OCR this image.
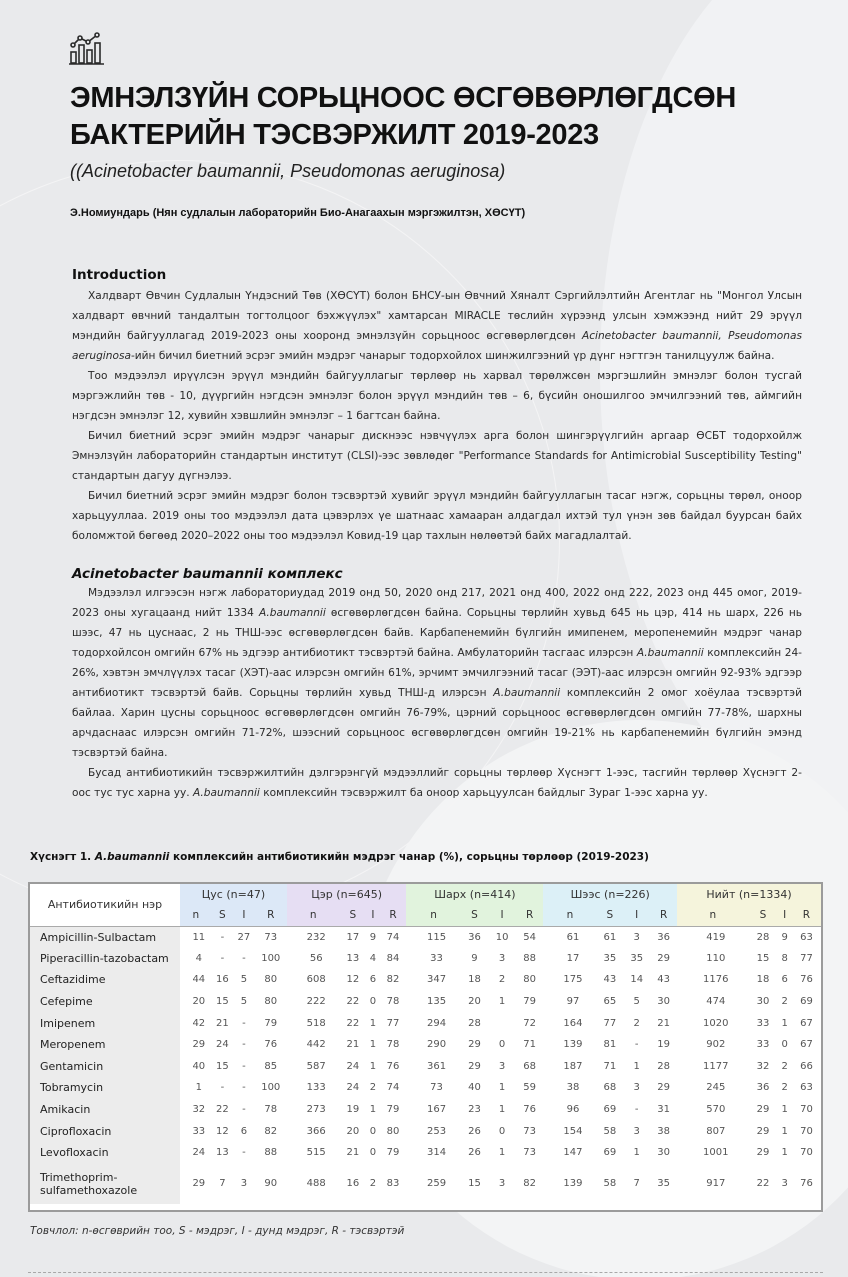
ЭМНЭЛЗҮЙН СОРЬЦНООС ӨСГӨВӨРЛӨГДСӨН
БАКТЕРИЙН ТЭСВЭРЖИЛТ 2019-2023
((Acinetobacter baumannii, Pseudomonas aeruginosa)
Э.Номиундарь (Нян судлалын лабораторийн Био-Анагаахын мэргэжилтэн, ХӨСҮТ)
Introduction

Халдварт Өвчин Судлалын Үндэсний Төв (ХӨСҮТ) болон БНСУ-ын Өвчний Хяналт Сэргийлэлтийн Агентлаг нь "Монгол Улсын халдварт өвчний тандалтын тогтолцоог бэхжүүлэх" хамтарсан MIRACLE төслийн хүрээнд улсын хэмжээнд нийт 29 эрүүл мэндийн байгууллагад 2019-2023 оны хооронд эмнэлзүйн сорьцноос өсгөвөрлөгдсөн Acinetobacter baumannii, Pseudomonas aeruginosa-ийн бичил биетний эсрэг эмийн мэдрэг чанарыг тодорхойлох шинжилгээний үр дүнг нэгтгэн танилцуулж байна.

Тоо мэдээлэл ирүүлсэн эрүүл мэндийн байгууллагыг төрлөөр нь харвал төрөлжсөн мэргэшлийн эмнэлэг болон тусгай мэргэжлийн төв - 10, дүүргийн нэгдсэн эмнэлэг болон эрүүл мэндийн төв – 6, бүсийн оношилгоо эмчилгээний төв, аймгийн нэгдсэн эмнэлэг 12, хувийн хэвшлийн эмнэлэг – 1 багтсан байна.

Бичил биетний эсрэг эмийн мэдрэг чанарыг дискнээс нэвчүүлэх арга болон шингэрүүлгийн аргаар ӨСБТ тодорхойлж Эмнэлзүйн лабораторийн стандартын институт (CLSI)-ээс зөвлөдөг "Performance Standards for Antimicrobial Susceptibility Testing" стандартын дагуу дүгнэлээ.

Бичил биетний эсрэг эмийн мэдрэг болон тэсвэртэй хувийг эрүүл мэндийн байгууллагын тасаг нэгж, сорьцны төрөл, оноор харьцууллаа. 2019 оны тоо мэдээлэл дата цэвэрлэх үе шатнаас хамааран алдагдал ихтэй тул үнэн зөв байдал буурсан байх боломжтой бөгөөд 2020–2022 оны тоо мэдээлэл Ковид-19 цар тахлын нөлөөтэй байх магадлалтай.

Acinetobacter baumannii комплекс

Мэдээлэл илгээсэн нэгж лабораториудад 2019 онд 50, 2020 онд 217, 2021 онд 400, 2022 онд 222, 2023 онд 445 омог, 2019-2023 оны хугацаанд нийт 1334 A.baumannii өсгөвөрлөгдсөн байна. Сорьцны төрлийн хувьд 645 нь цэр, 414 нь шарх, 226 нь шээс, 47 нь цуснаас, 2 нь ТНШ-ээс өсгөвөрлөгдсөн байв. Карбапенемийн бүлгийн имипенем, меропенемийн мэдрэг чанар тодорхойлсон омгийн 67% нь эдгээр антибиотикт тэсвэртэй байна. Амбулаторийн тасгаас илэрсэн A.baumannii комплексийн 24-26%, хэвтэн эмчлүүлэх тасаг (ХЭТ)-аас илэрсэн омгийн 61%, эрчимт эмчилгээний тасаг (ЭЭТ)-аас илэрсэн омгийн 92-93% эдгээр антибиотикт тэсвэртэй байв. Сорьцны төрлийн хувьд ТНШ-д илэрсэн A.baumannii комплексийн 2 омог хоёулаа тэсвэртэй байлаа. Харин цусны сорьцноос өсгөвөрлөгдсөн омгийн 76-79%, цэрний сорьцноос өсгөвөрлөгдсөн омгийн 77-78%, шархны арчдаснаас илэрсэн омгийн 71-72%, шээсний сорьцноос өсгөвөрлөгдсөн омгийн 19-21% нь карбапенемийн бүлгийн эмэнд тэсвэртэй байна.

Бусад антибиотикийн тэсвэржилтийн дэлгэрэнгүй мэдээллийг сорьцны төрлөөр Хүснэгт 1-ээс, тасгийн төрлөөр Хүснэгт 2-оос тус тус харна уу. A.baumannii комплексийн тэсвэржилт ба оноор харьцуулсан байдлыг Зураг 1-ээс харна уу.

Хүснэгт 1. A.baumannii комплексийн антибиотикийн мэдрэг чанар (%), сорьцны төрлөөр (2019-2023)
Антибиотикийн нэр	Цус (n=47)				Цэр (n=645)				Шарх (n=414)				Шээс (n=226)				Нийт (n=1334)			
	n	S	I	R	n	S	I	R	n	S	I	R	n	S	I	R	n	S	I	R
Ampicillin-Sulbactam	11	-	27	73	232	17	9	74	115	36	10	54	61	61	3	36	419	28	9	63
Piperacillin-tazobactam	4	-	-	100	56	13	4	84	33	9	3	88	17	35	35	29	110	15	8	77
Ceftazidime	44	16	5	80	608	12	6	82	347	18	2	80	175	43	14	43	1176	18	6	76
Cefepime	20	15	5	80	222	22	0	78	135	20	1	79	97	65	5	30	474	30	2	69
Imipenem	42	21	-	79	518	22	1	77	294	28		72	164	77	2	21	1020	33	1	67
Meropenem	29	24	-	76	442	21	1	78	290	29	0	71	139	81	-	19	902	33	0	67
Gentamicin	40	15	-	85	587	24	1	76	361	29	3	68	187	71	1	28	1177	32	2	66
Tobramycin	1	-	-	100	133	24	2	74	73	40	1	59	38	68	3	29	245	36	2	63
Amikacin	32	22	-	78	273	19	1	79	167	23	1	76	96	69	-	31	570	29	1	70
Ciprofloxacin	33	12	6	82	366	20	0	80	253	26	0	73	154	58	3	38	807	29	1	70
Levofloxacin	24	13	-	88	515	21	0	79	314	26	1	73	147	69	1	30	1001	29	1	70

Trimethoprim-
sulfamethoxazole	29	7	3	90	488	16	2	83	259	15	3	82	139	58	7	35	917	22	3	76
Товчлол: n-өсгөврийн тоо, S - мэдрэг, I - дунд мэдрэг, R - тэсвэртэй
